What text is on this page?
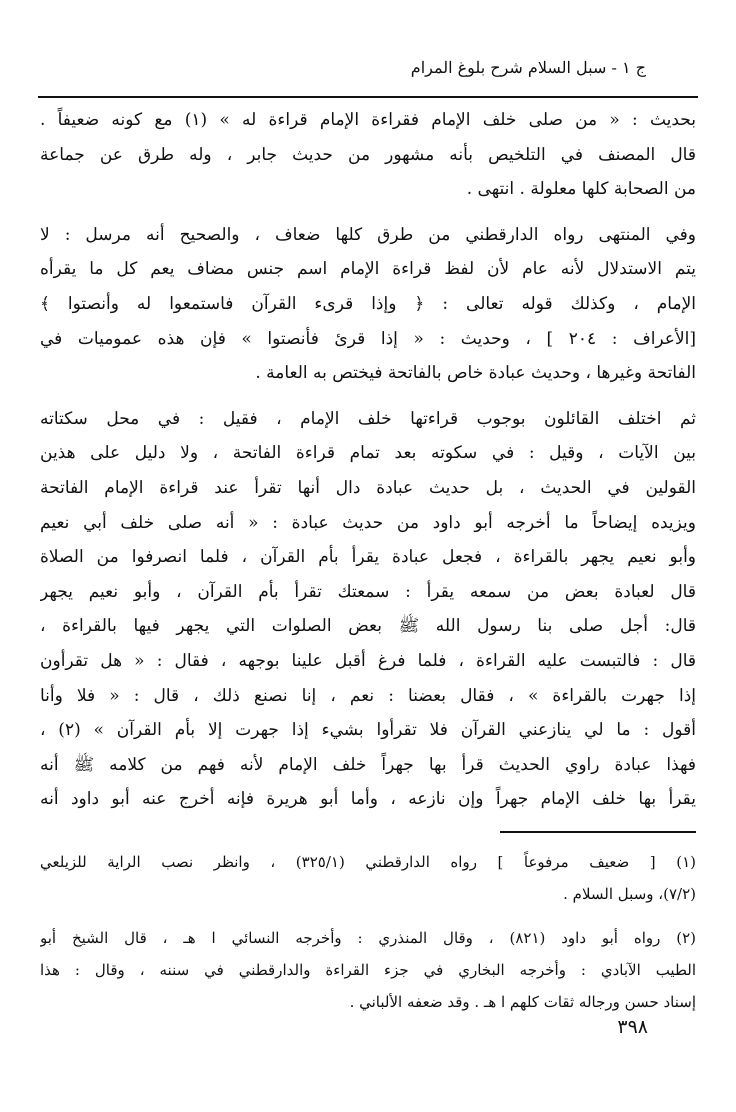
ج ١ - سبل السلام شرح بلوغ المرام
بحديث : « من صلى خلف الإمام فقراءة الإمام قراءة له » (١) مع كونه ضعيفاً .
قال المصنف في التلخيص بأنه مشهور من حديث جابر ، وله طرق عن جماعة
من الصحابة كلها معلولة . انتهى .
وفي المنتهى رواه الدارقطني من طرق كلها ضعاف ، والصحيح أنه مرسل : لا
يتم الاستدلال لأنه عام لأن لفظ قراءة الإمام اسم جنس مضاف يعم كل ما يقرأه
الإمام ، وكذلك قوله تعالى : ﴿ وإذا قرىء القرآن فاستمعوا له وأنصتوا ﴾
[الأعراف : ٢٠٤ ] ، وحديث : « إذا قرئ فأنصتوا » فإن هذه عموميات في
الفاتحة وغيرها ، وحديث عبادة خاص بالفاتحة فيختص به العامة .
ثم اختلف القائلون بوجوب قراءتها خلف الإمام ، فقيل : في محل سكتاته
بين الآيات ، وقيل : في سكوته بعد تمام قراءة الفاتحة ، ولا دليل على هذين
القولين في الحديث ، بل حديث عبادة دال أنها تقرأ عند قراءة الإمام الفاتحة
ويزيده إيضاحاً ما أخرجه أبو داود من حديث عبادة : « أنه صلى خلف أبي نعيم
وأبو نعيم يجهر بالقراءة ، فجعل عبادة يقرأ بأم القرآن ، فلما انصرفوا من الصلاة
قال لعبادة بعض من سمعه يقرأ : سمعتك تقرأ بأم القرآن ، وأبو نعيم يجهر
قال: أجل صلى بنا رسول الله ﷺ بعض الصلوات التي يجهر فيها بالقراءة ،
قال : فالتبست عليه القراءة ، فلما فرغ أقبل علينا بوجهه ، فقال : « هل تقرأون
إذا جهرت بالقراءة » ، فقال بعضنا : نعم ، إنا نصنع ذلك ، قال : « فلا وأنا
أقول : ما لي ينازعني القرآن فلا تقرأوا بشيء إذا جهرت إلا بأم القرآن » (٢) ،
فهذا عبادة راوي الحديث قرأ بها جهراً خلف الإمام لأنه فهم من كلامه ﷺ أنه
يقرأ بها خلف الإمام جهراً وإن نازعه ، وأما أبو هريرة فإنه أخرج عنه أبو داود أنه
(١) [ ضعيف مرفوعاً ] رواه الدارقطني (٣٢٥/١) ، وانظر نصب الراية للزيلعي
(٧/٢)، وسبل السلام .
(٢) رواه أبو داود (٨٢١) ، وقال المنذري : وأخرجه النسائي ا هـ ، قال الشيخ أبو
الطيب الآبادي : وأخرجه البخاري في جزء القراءة والدارقطني في سننه ، وقال : هذا
إسناد حسن ورجاله ثقات كلهم ا هـ . وقد ضعفه الألباني .
٣٩٨
